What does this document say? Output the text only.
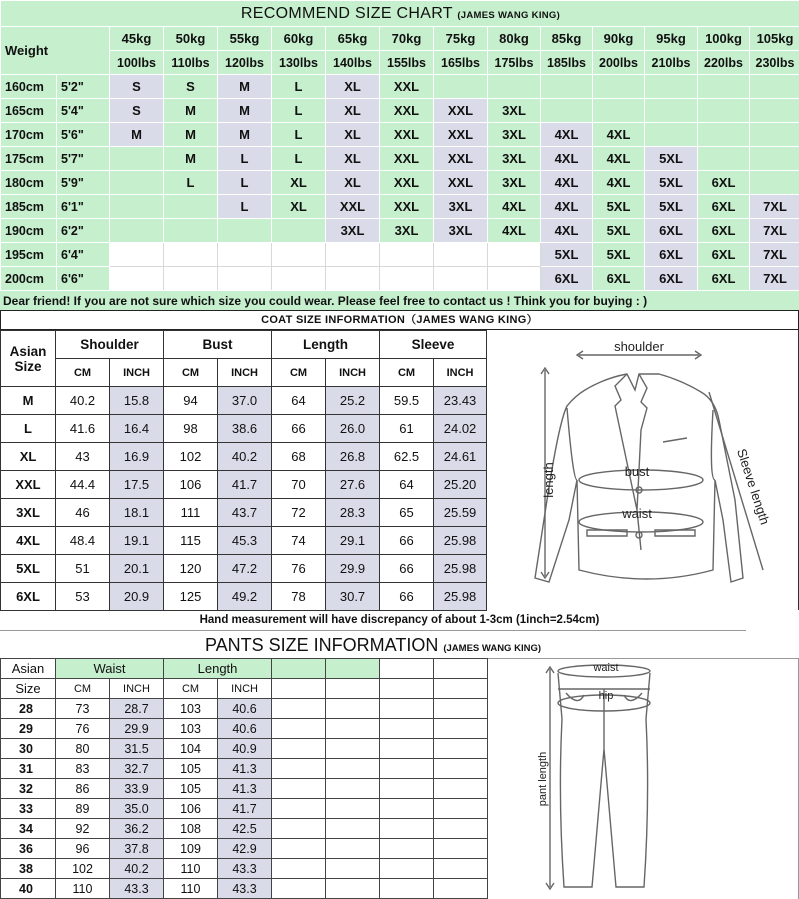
RECOMMEND SIZE CHART (JAMES WANG KING)														
Weight		45kg	50kg	55kg	60kg	65kg	70kg	75kg	80kg	85kg	90kg	95kg	100kg	105kg
		100lbs	110lbs	120lbs	130lbs	140lbs	155lbs	165lbs	175lbs	185lbs	200lbs	210lbs	220lbs	230lbs
160cm	5'2"	S	S	M	L	XL	XXL							
165cm	5'4"	S	M	M	L	XL	XXL	XXL	3XL					
170cm	5'6"	M	M	M	L	XL	XXL	XXL	3XL	4XL	4XL			
175cm	5'7"		M	L	L	XL	XXL	XXL	3XL	4XL	4XL	5XL		
180cm	5'9"		L	L	XL	XL	XXL	XXL	3XL	4XL	4XL	5XL	6XL	
185cm	6'1"			L	XL	XXL	XXL	3XL	4XL	4XL	5XL	5XL	6XL	7XL
190cm	6'2"					3XL	3XL	3XL	4XL	4XL	5XL	6XL	6XL	7XL
195cm	6'4"									5XL	5XL	6XL	6XL	7XL
200cm	6'6"									6XL	6XL	6XL	6XL	7XL
Dear friend! If you are not sure which size you could wear. Please feel free to contact us ! Think you for buying : )
COAT SIZE INFORMATION（JAMES WANG KING）
Asian Size	Shoulder		Bust		Length		Sleeve	
	CM	INCH	CM	INCH	CM	INCH	CM	INCH
M	40.2	15.8	94	37.0	64	25.2	59.5	23.43
L	41.6	16.4	98	38.6	66	26.0	61	24.02
XL	43	16.9	102	40.2	68	26.8	62.5	24.61
XXL	44.4	17.5	106	41.7	70	27.6	64	25.20
3XL	46	18.1	111	43.7	72	28.3	65	25.59
4XL	48.4	19.1	115	45.3	74	29.1	66	25.98
5XL	51	20.1	120	47.2	76	29.9	66	25.98
6XL	53	20.9	125	49.2	78	30.7	66	25.98
shoulder
length	bust
waist	Sleeve length
Hand measurement will have discrepancy of about 1-3cm (1inch=2.54cm)
PANTS SIZE INFORMATION (JAMES WANG KING)
Asian	Waist		Length					
Size	CM	INCH	CM	INCH				
28	73	28.7	103	40.6				
29	76	29.9	103	40.6				
30	80	31.5	104	40.9				
31	83	32.7	105	41.3				
32	86	33.9	105	41.3				
33	89	35.0	106	41.7				
34	92	36.2	108	42.5				
36	96	37.8	109	42.9				
38	102	40.2	110	43.3				
40	110	43.3	110	43.3				
waist
hip
pant length
